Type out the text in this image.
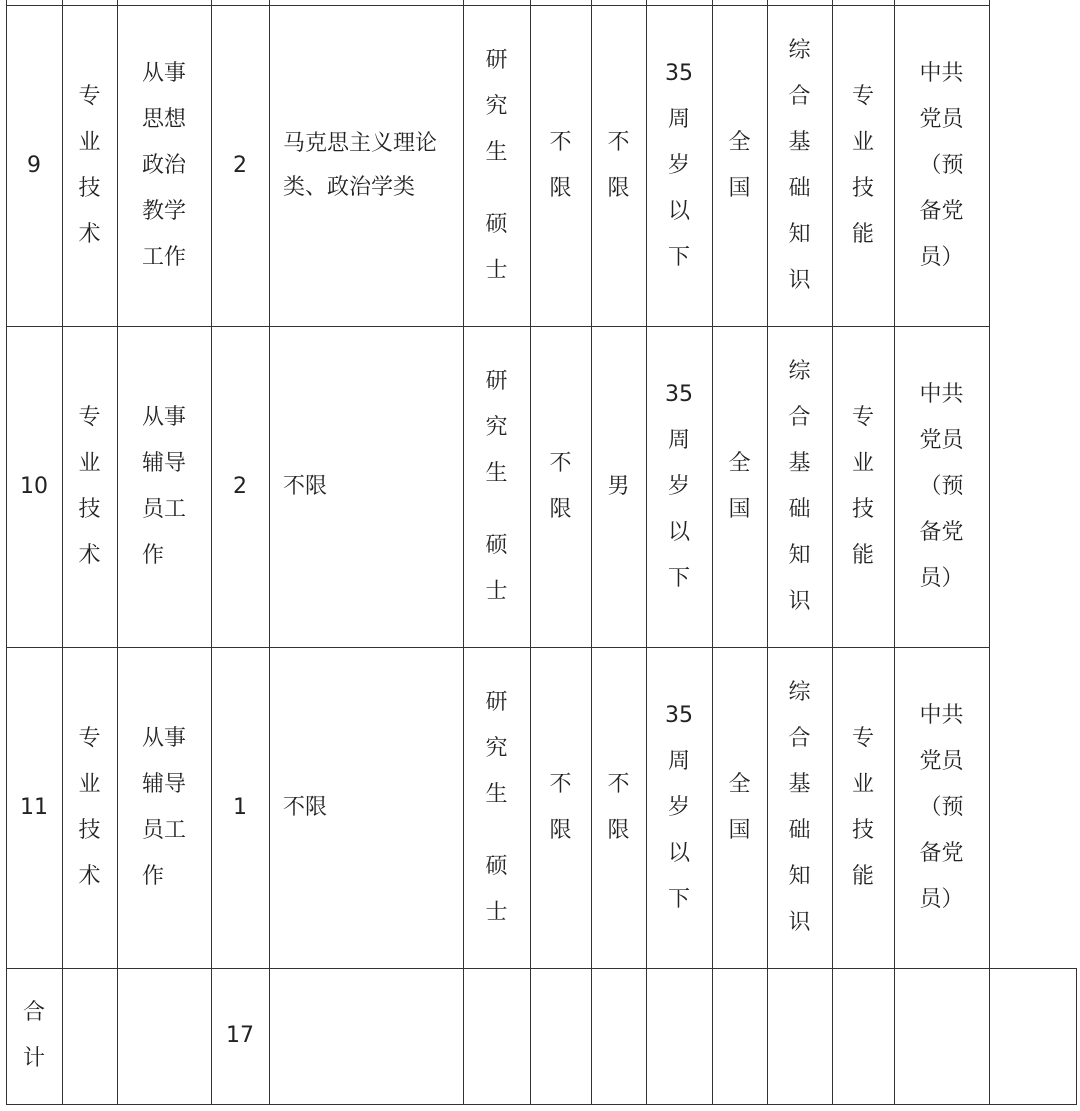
9
专
业
技
术
从事
思想
政治
教学
工作
2
马克思主义理论
类、政治学类
研
究
生
硕
士
不
限
不
限
35
周
岁
以
下
全
国
综
合
基
础
知
识
专
业
技
能
中共
党员
（预
备党
员）
10
专
业
技
术
从事
辅导
员工
作
2 不限
研
究
生
硕
士
不
限
男
35
周
岁
以
下
全
国
综
合
基
础
知
识
专
业
技
能
中共
党员
（预
备党
员）
11
专
业
技
术
从事
辅导
员工
作
1 不限
研
究
生
硕
士
不
限
不
限
35
周
岁
以
下
全
国
综
合
基
础
知
识
专
业
技
能
中共
党员
（预
备党
员）
合
计
17
